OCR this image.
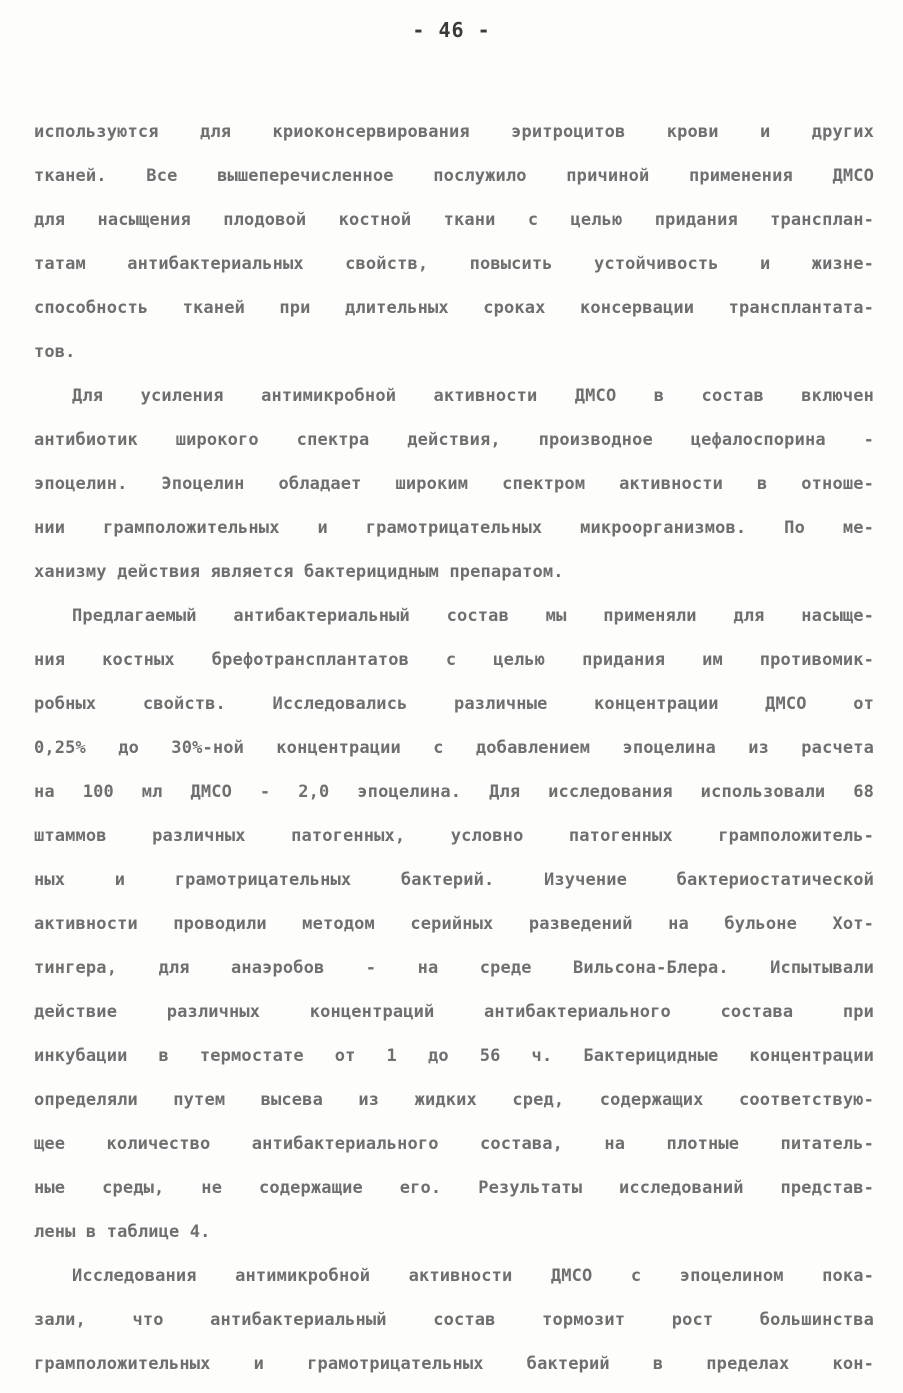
- 46 -
используются для криоконсервирования эритроцитов крови и других
тканей. Все вышеперечисленное послужило причиной применения ДМСО
для насыщения плодовой костной ткани с целью придания трансплан-
татам антибактериальных свойств, повысить устойчивость и жизне-
способность тканей при длительных сроках консервации трансплантата-
тов.
Для усиления антимикробной активности ДМСО в состав включен
антибиотик широкого спектра действия, производное цефалоспорина -
эпоцелин. Эпоцелин обладает широким спектром активности в отноше-
нии грамположительных и грамотрицательных микроорганизмов. По ме-
ханизму действия является бактерицидным препаратом.
Предлагаемый антибактериальный состав мы применяли для насыще-
ния костных брефотрансплантатов с целью придания им противомик-
робных свойств. Исследовались различные концентрации ДМСО от
0,25% до 30%-ной концентрации с добавлением эпоцелина из расчета
на 100 мл ДМСО - 2,0 эпоцелина. Для исследования использовали 68
штаммов различных патогенных, условно патогенных грамположитель-
ных и грамотрицательных бактерий. Изучение бактериостатической
активности проводили методом серийных разведений на бульоне Хот-
тингера, для анаэробов - на среде Вильсона-Блера. Испытывали
действие различных концентраций антибактериального состава при
инкубации в термостате от 1 до 56 ч. Бактерицидные концентрации
определяли путем высева из жидких сред, содержащих соответствую-
щее количество антибактериального состава, на плотные питатель-
ные среды, не содержащие его. Результаты исследований представ-
лены в таблице 4.
Исследования антимикробной активности ДМСО с эпоцелином пока-
зали, что антибактериальный состав тормозит рост большинства
грамположительных и грамотрицательных бактерий в пределах кон-
